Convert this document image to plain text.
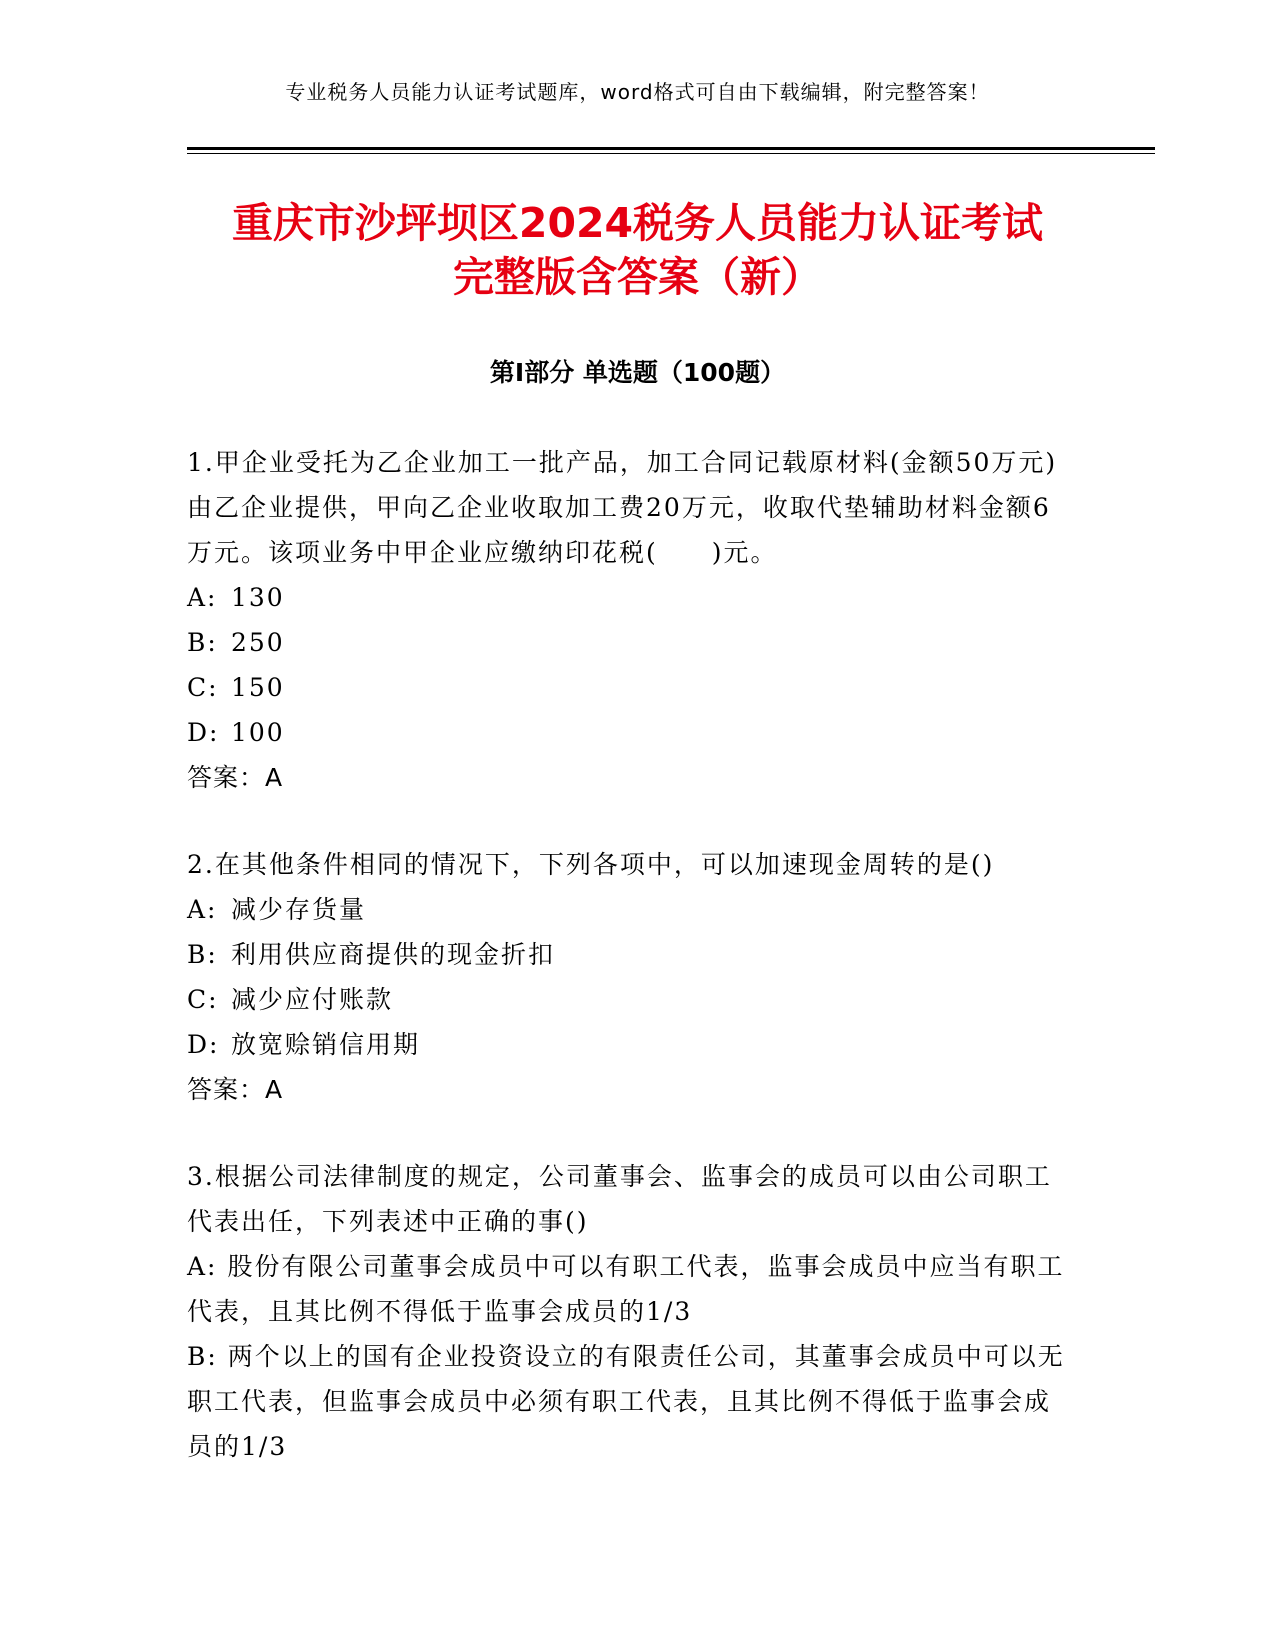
专业税务人员能力认证考试题库，word格式可自由下载编辑，附完整答案！
重庆市沙坪坝区2024税务人员能力认证考试
完整版含答案（新）
第Ⅰ部分 单选题（100题）

1.甲企业受托为乙企业加工一批产品，加工合同记载原材料(金额50万元)由乙企业提供，甲向乙企业收取加工费20万元，收取代垫辅助材料金额6万元。该项业务中甲企业应缴纳印花税(　　)元。

A: 130

B: 250

C: 150

D: 100

答案：A

2.在其他条件相同的情况下，下列各项中，可以加速现金周转的是()

A: 减少存货量

B: 利用供应商提供的现金折扣

C: 减少应付账款

D: 放宽赊销信用期

答案：A

3.根据公司法律制度的规定，公司董事会、监事会的成员可以由公司职工代表出任，下列表述中正确的事()

A: 股份有限公司董事会成员中可以有职工代表，监事会成员中应当有职工代表，且其比例不得低于监事会成员的1/3

B: 两个以上的国有企业投资设立的有限责任公司，其董事会成员中可以无职工代表，但监事会成员中必须有职工代表，且其比例不得低于监事会成员的1/3
